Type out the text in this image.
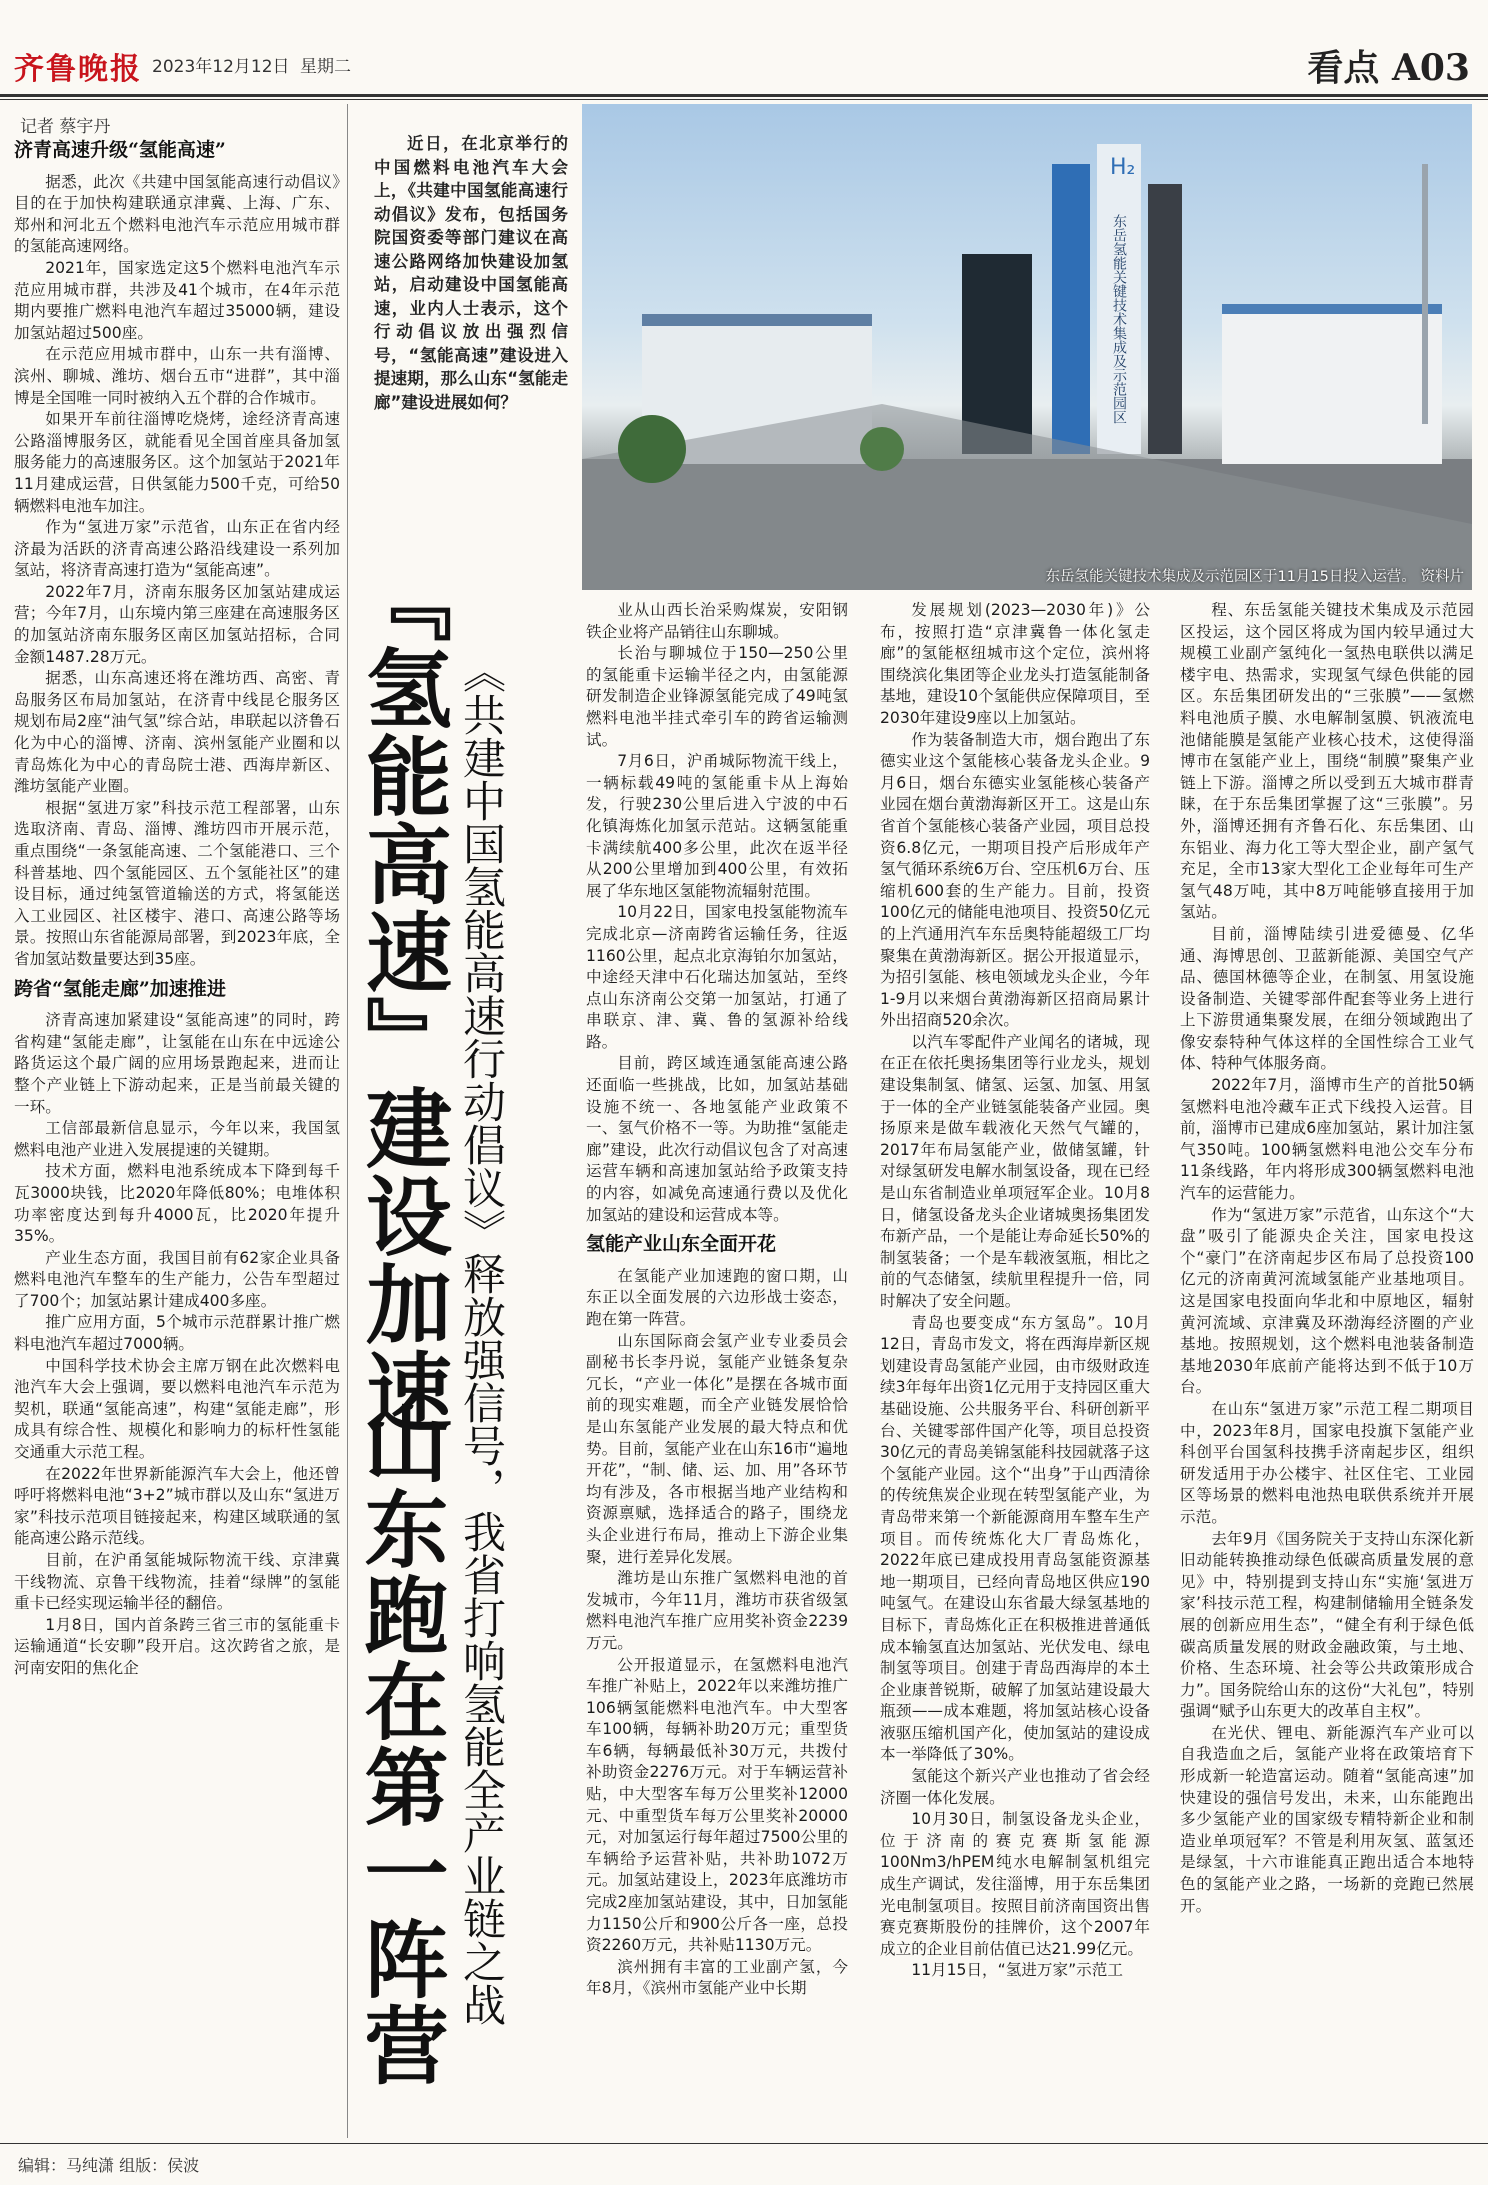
齐鲁晚报 2023年12月12日 星期二	看点 A03
记者 蔡宇丹
济青高速升级“氢能高速”

据悉，此次《共建中国氢能高速行动倡议》目的在于加快构建联通京津冀、上海、广东、郑州和河北五个燃料电池汽车示范应用城市群的氢能高速网络。

2021年，国家选定这5个燃料电池汽车示范应用城市群，共涉及41个城市，在4年示范期内要推广燃料电池汽车超过35000辆，建设加氢站超过500座。

在示范应用城市群中，山东一共有淄博、滨州、聊城、潍坊、烟台五市“进群”，其中淄博是全国唯一同时被纳入五个群的合作城市。

如果开车前往淄博吃烧烤，途经济青高速公路淄博服务区，就能看见全国首座具备加氢服务能力的高速服务区。这个加氢站于2021年11月建成运营，日供氢能力500千克，可给50辆燃料电池车加注。

作为“氢进万家”示范省，山东正在省内经济最为活跃的济青高速公路沿线建设一系列加氢站，将济青高速打造为“氢能高速”。

2022年7月，济南东服务区加氢站建成运营；今年7月，山东境内第三座建在高速服务区的加氢站济南东服务区南区加氢站招标，合同金额1487.28万元。

据悉，山东高速还将在潍坊西、高密、青岛服务区布局加氢站，在济青中线昆仑服务区规划布局2座“油气氢”综合站，串联起以济鲁石化为中心的淄博、济南、滨州氢能产业圈和以青岛炼化为中心的青岛院士港、西海岸新区、潍坊氢能产业圈。

根据“氢进万家”科技示范工程部署，山东选取济南、青岛、淄博、潍坊四市开展示范，重点围绕“一条氢能高速、二个氢能港口、三个科普基地、四个氢能园区、五个氢能社区”的建设目标，通过纯氢管道输送的方式，将氢能送入工业园区、社区楼宇、港口、高速公路等场景。按照山东省能源局部署，到2023年底，全省加氢站数量要达到35座。

跨省“氢能走廊”加速推进

济青高速加紧建设“氢能高速”的同时，跨省构建“氢能走廊”，让氢能在山东在中远途公路货运这个最广阔的应用场景跑起来，进而让整个产业链上下游动起来，正是当前最关键的一环。

工信部最新信息显示，今年以来，我国氢燃料电池产业进入发展提速的关键期。

技术方面，燃料电池系统成本下降到每千瓦3000块钱，比2020年降低80%；电堆体积功率密度达到每升4000瓦，比2020年提升35%。

产业生态方面，我国目前有62家企业具备燃料电池汽车整车的生产能力，公告车型超过了700个；加氢站累计建成400多座。

推广应用方面，5个城市示范群累计推广燃料电池汽车超过7000辆。

中国科学技术协会主席万钢在此次燃料电池汽车大会上强调，要以燃料电池汽车示范为契机，联通“氢能高速”，构建“氢能走廊”，形成具有综合性、规模化和影响力的标杆性氢能交通重大示范工程。

在2022年世界新能源汽车大会上，他还曾呼吁将燃料电池“3+2”城市群以及山东“氢进万家”科技示范项目链接起来，构建区域联通的氢能高速公路示范线。

目前，在沪甬氢能城际物流干线、京津冀干线物流、京鲁干线物流，挂着“绿牌”的氢能重卡已经实现运输半径的翻倍。

1月8日，国内首条跨三省三市的氢能重卡运输通道“长安聊”段开启。这次跨省之旅，是河南安阳的焦化企

近日，在北京举行的中国燃料电池汽车大会上，《共建中国氢能高速行动倡议》发布，包括国务院国资委等部门建议在高速公路网络加快建设加氢站，启动建设中国氢能高速，业内人士表示，这个行动倡议放出强烈信号，“氢能高速”建设进入提速期，那么山东“氢能走廊”建设进展如何？
H₂
东岳氢能关键技术集成及示范园区
东岳氢能关键技术集成及示范园区于11月15日投入运营。 资料片
『氢能高速』建设加速 《共建中国氢能高速行动倡议》释放强信号，我省打响氢能全产业链之战
山东跑在第一阵营

业从山西长治采购煤炭，安阳钢铁企业将产品销往山东聊城。

长治与聊城位于150—250公里的氢能重卡运输半径之内，由氢能源研发制造企业锋源氢能完成了49吨氢燃料电池半挂式牵引车的跨省运输测试。

7月6日，沪甬城际物流干线上，一辆标载49吨的氢能重卡从上海始发，行驶230公里后进入宁波的中石化镇海炼化加氢示范站。这辆氢能重卡满续航400多公里，此次在返半径从200公里增加到400公里，有效拓展了华东地区氢能物流辐射范围。

10月22日，国家电投氢能物流车完成北京—济南跨省运输任务，往返1160公里，起点北京海铂尔加氢站，中途经天津中石化瑞达加氢站，至终点山东济南公交第一加氢站，打通了串联京、津、冀、鲁的氢源补给线路。

目前，跨区域连通氢能高速公路还面临一些挑战，比如，加氢站基础设施不统一、各地氢能产业政策不一、氢气价格不一等。为助推“氢能走廊”建设，此次行动倡议包含了对高速运营车辆和高速加氢站给予政策支持的内容，如减免高速通行费以及优化加氢站的建设和运营成本等。

氢能产业山东全面开花

在氢能产业加速跑的窗口期，山东正以全面发展的六边形战士姿态，跑在第一阵营。

山东国际商会氢产业专业委员会副秘书长李丹说，氢能产业链条复杂冗长，“产业一体化”是摆在各城市面前的现实难题，而全产业链发展恰恰是山东氢能产业发展的最大特点和优势。目前，氢能产业在山东16市“遍地开花”，“制、储、运、加、用”各环节均有涉及，各市根据当地产业结构和资源禀赋，选择适合的路子，围绕龙头企业进行布局，推动上下游企业集聚，进行差异化发展。

潍坊是山东推广氢燃料电池的首发城市，今年11月，潍坊市获省级氢燃料电池汽车推广应用奖补资金2239万元。

公开报道显示，在氢燃料电池汽车推广补贴上，2022年以来潍坊推广106辆氢能燃料电池汽车。中大型客车100辆，每辆补助20万元；重型货车6辆，每辆最低补30万元，共拨付补助资金2276万元。对于车辆运营补贴，中大型客车每万公里奖补12000元、中重型货车每万公里奖补20000元，对加氢运行每年超过7500公里的车辆给予运营补贴，共补助1072万元。加氢站建设上，2023年底潍坊市完成2座加氢站建设，其中，日加氢能力1150公斤和900公斤各一座，总投资2260万元，共补贴1130万元。

滨州拥有丰富的工业副产氢，今年8月，《滨州市氢能产业中长期

发展规划(2023—2030年)》公布，按照打造“京津冀鲁一体化氢走廊”的氢能枢纽城市这个定位，滨州将围绕滨化集团等企业龙头打造氢能制备基地，建设10个氢能供应保障项目，至2030年建设9座以上加氢站。

作为装备制造大市，烟台跑出了东德实业这个氢能核心装备龙头企业。9月6日，烟台东德实业氢能核心装备产业园在烟台黄渤海新区开工。这是山东省首个氢能核心装备产业园，项目总投资6.8亿元，一期项目投产后形成年产氢气循环系统6万台、空压机6万台、压缩机600套的生产能力。目前，投资100亿元的储能电池项目、投资50亿元的上汽通用汽车东岳奥特能超级工厂均聚集在黄渤海新区。据公开报道显示，为招引氢能、核电领域龙头企业，今年1-9月以来烟台黄渤海新区招商局累计外出招商520余次。

以汽车零配件产业闻名的诸城，现在正在依托奥扬集团等行业龙头，规划建设集制氢、储氢、运氢、加氢、用氢于一体的全产业链氢能装备产业园。奥扬原来是做车载液化天然气气罐的，2017年布局氢能产业，做储氢罐，针对绿氢研发电解水制氢设备，现在已经是山东省制造业单项冠军企业。10月8日，储氢设备龙头企业诸城奥扬集团发布新产品，一个是能让寿命延长50%的制氢装备；一个是车载液氢瓶，相比之前的气态储氢，续航里程提升一倍，同时解决了安全问题。

青岛也要变成“东方氢岛”。10月12日，青岛市发文，将在西海岸新区规划建设青岛氢能产业园，由市级财政连续3年每年出资1亿元用于支持园区重大基础设施、公共服务平台、科研创新平台、关键零部件国产化等，项目总投资30亿元的青岛美锦氢能科技园就落子这个氢能产业园。这个“出身”于山西清徐的传统焦炭企业现在转型氢能产业，为青岛带来第一个新能源商用车整车生产项目。而传统炼化大厂青岛炼化，2022年底已建成投用青岛氢能资源基地一期项目，已经向青岛地区供应190吨氢气。在建设山东省最大绿氢基地的目标下，青岛炼化正在积极推进普通低成本输氢直达加氢站、光伏发电、绿电制氢等项目。创建于青岛西海岸的本土企业康普锐斯，破解了加氢站建设最大瓶颈——成本难题，将加氢站核心设备液驱压缩机国产化，使加氢站的建设成本一举降低了30%。

氢能这个新兴产业也推动了省会经济圈一体化发展。

10月30日，制氢设备龙头企业，位于济南的赛克赛斯氢能源100Nm3/hPEM纯水电解制氢机组完成生产调试，发往淄博，用于东岳集团光电制氢项目。按照目前济南国资出售赛克赛斯股份的挂牌价，这个2007年成立的企业目前估值已达21.99亿元。

11月15日，“氢进万家”示范工

程、东岳氢能关键技术集成及示范园区投运，这个园区将成为国内较早通过大规模工业副产氢纯化一氢热电联供以满足楼宇电、热需求，实现氢气绿色供能的园区。东岳集团研发出的“三张膜”——氢燃料电池质子膜、水电解制氢膜、钒液流电池储能膜是氢能产业核心技术，这使得淄博市在氢能产业上，围绕“制膜”聚集产业链上下游。淄博之所以受到五大城市群青睐，在于东岳集团掌握了这“三张膜”。另外，淄博还拥有齐鲁石化、东岳集团、山东铝业、海力化工等大型企业，副产氢气充足，全市13家大型化工企业每年可生产氢气48万吨，其中8万吨能够直接用于加氢站。

目前，淄博陆续引进爱德曼、亿华通、海博思创、卫蓝新能源、美国空气产品、德国林德等企业，在制氢、用氢设施设备制造、关键零部件配套等业务上进行上下游贯通集聚发展，在细分领域跑出了像安泰特种气体这样的全国性综合工业气体、特种气体服务商。

2022年7月，淄博市生产的首批50辆氢燃料电池冷藏车正式下线投入运营。目前，淄博市已建成6座加氢站，累计加注氢气350吨。100辆氢燃料电池公交车分布11条线路，年内将形成300辆氢燃料电池汽车的运营能力。

作为“氢进万家”示范省，山东这个“大盘”吸引了能源央企关注，国家电投这个“豪门”在济南起步区布局了总投资100亿元的济南黄河流域氢能产业基地项目。这是国家电投面向华北和中原地区，辐射黄河流域、京津冀及环渤海经济圈的产业基地。按照规划，这个燃料电池装备制造基地2030年底前产能将达到不低于10万台。

在山东“氢进万家”示范工程二期项目中，2023年8月，国家电投旗下氢能产业科创平台国氢科技携手济南起步区，组织研发适用于办公楼宇、社区住宅、工业园区等场景的燃料电池热电联供系统并开展示范。

去年9月《国务院关于支持山东深化新旧动能转换推动绿色低碳高质量发展的意见》中，特别提到支持山东“实施‘氢进万家’科技示范工程，构建制储输用全链条发展的创新应用生态”，“健全有利于绿色低碳高质量发展的财政金融政策，与土地、价格、生态环境、社会等公共政策形成合力”。国务院给山东的这份“大礼包”，特别强调“赋予山东更大的改革自主权”。

在光伏、锂电、新能源汽车产业可以自我造血之后，氢能产业将在政策培育下形成新一轮造富运动。随着“氢能高速”加快建设的强信号发出，未来，山东能跑出多少氢能产业的国家级专精特新企业和制造业单项冠军？不管是利用灰氢、蓝氢还是绿氢，十六市谁能真正跑出适合本地特色的氢能产业之路，一场新的竞跑已然展开。

编辑：马纯潇 组版：侯波
